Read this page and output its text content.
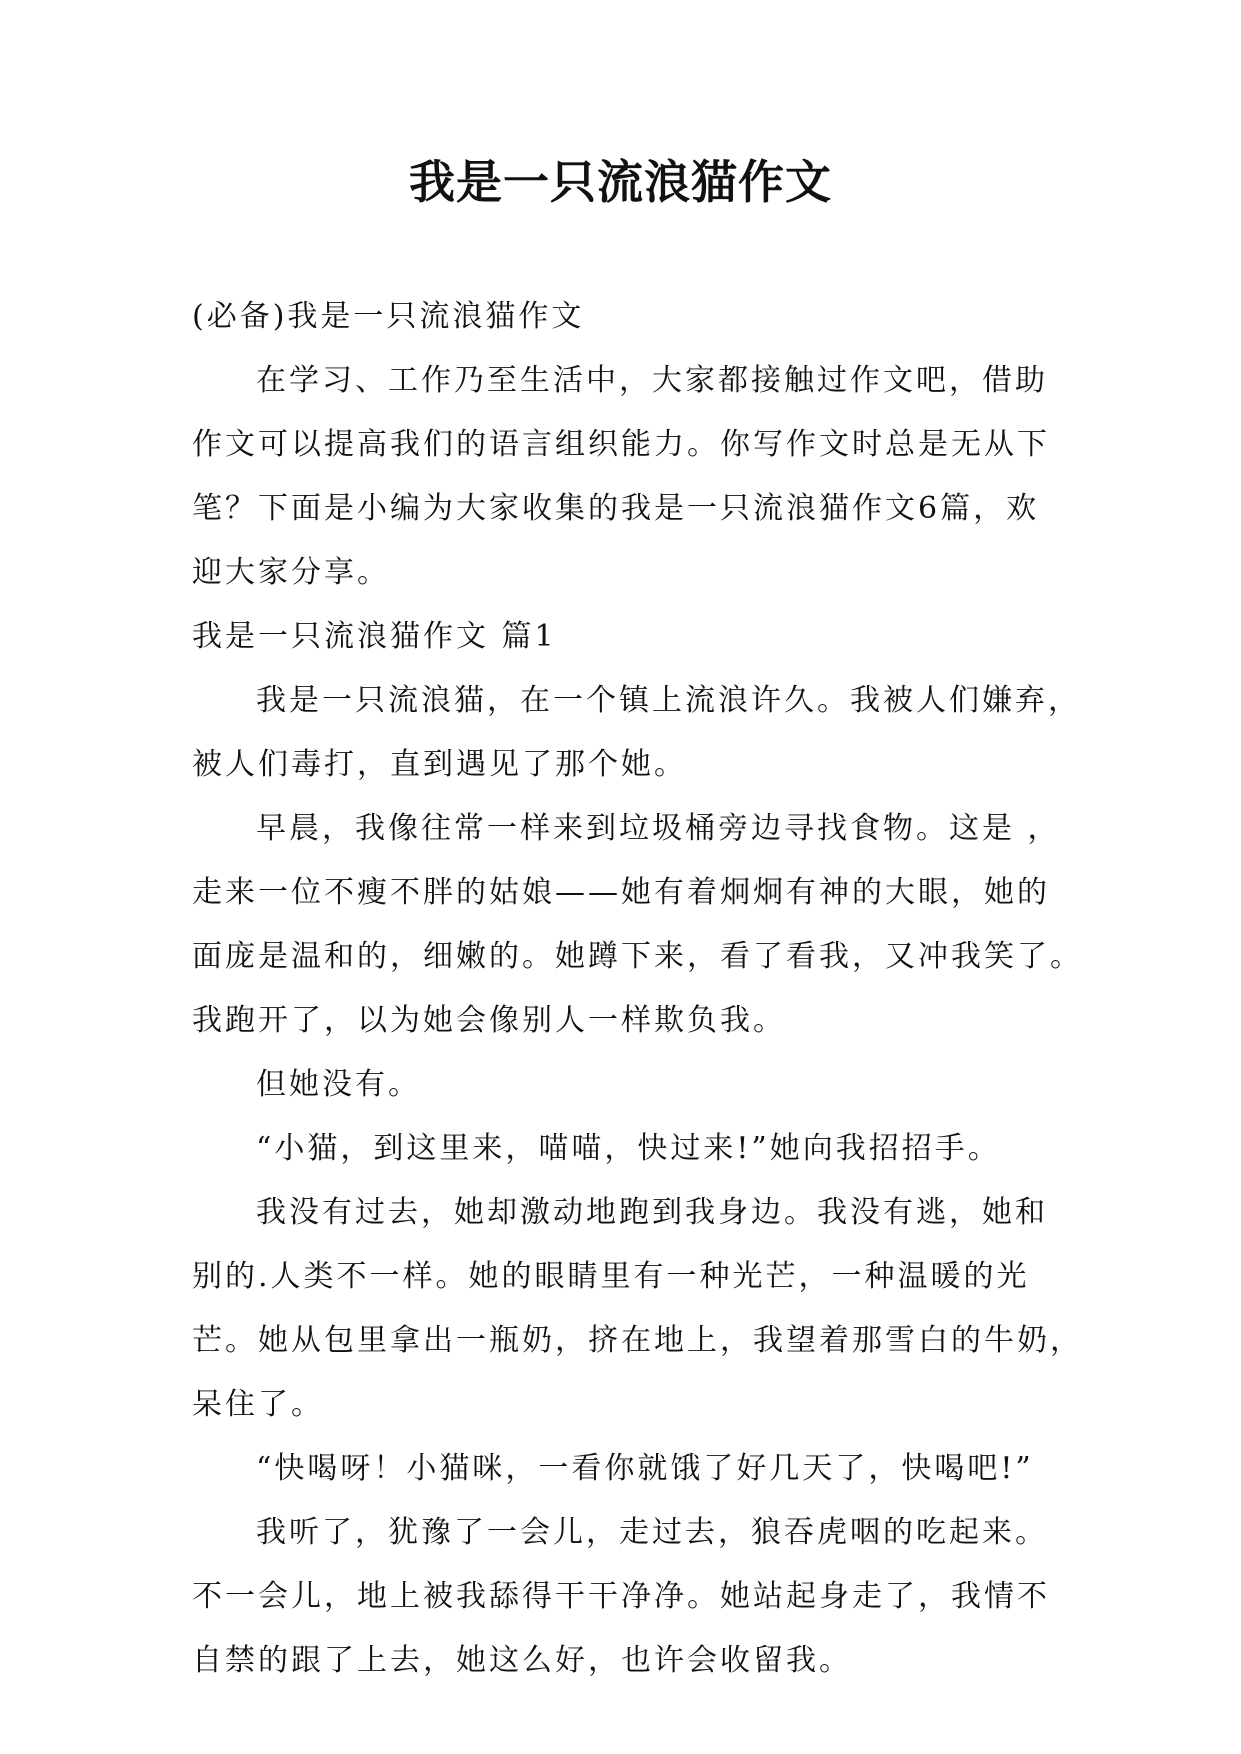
我是一只流浪猫作文

(必备)我是一只流浪猫作文

在学习、工作乃至生活中，大家都接触过作文吧，借助

作文可以提高我们的语言组织能力。你写作文时总是无从下

笔？下面是小编为大家收集的我是一只流浪猫作文6篇，欢

迎大家分享。

我是一只流浪猫作文 篇1

我是一只流浪猫，在一个镇上流浪许久。我被人们嫌弃，

被人们毒打，直到遇见了那个她。

早晨，我像往常一样来到垃圾桶旁边寻找食物。这是 ，

走来一位不瘦不胖的姑娘——她有着炯炯有神的大眼，她的

面庞是温和的，细嫩的。她蹲下来，看了看我，又冲我笑了。

我跑开了，以为她会像别人一样欺负我。

但她没有。

“小猫，到这里来，喵喵，快过来!”她向我招招手。

我没有过去，她却激动地跑到我身边。我没有逃，她和

别的.人类不一样。她的眼睛里有一种光芒，一种温暖的光

芒。她从包里拿出一瓶奶，挤在地上，我望着那雪白的牛奶，

呆住了。

“快喝呀！小猫咪，一看你就饿了好几天了，快喝吧!”

我听了，犹豫了一会儿，走过去，狼吞虎咽的吃起来。

不一会儿，地上被我舔得干干净净。她站起身走了，我情不

自禁的跟了上去，她这么好，也许会收留我。
